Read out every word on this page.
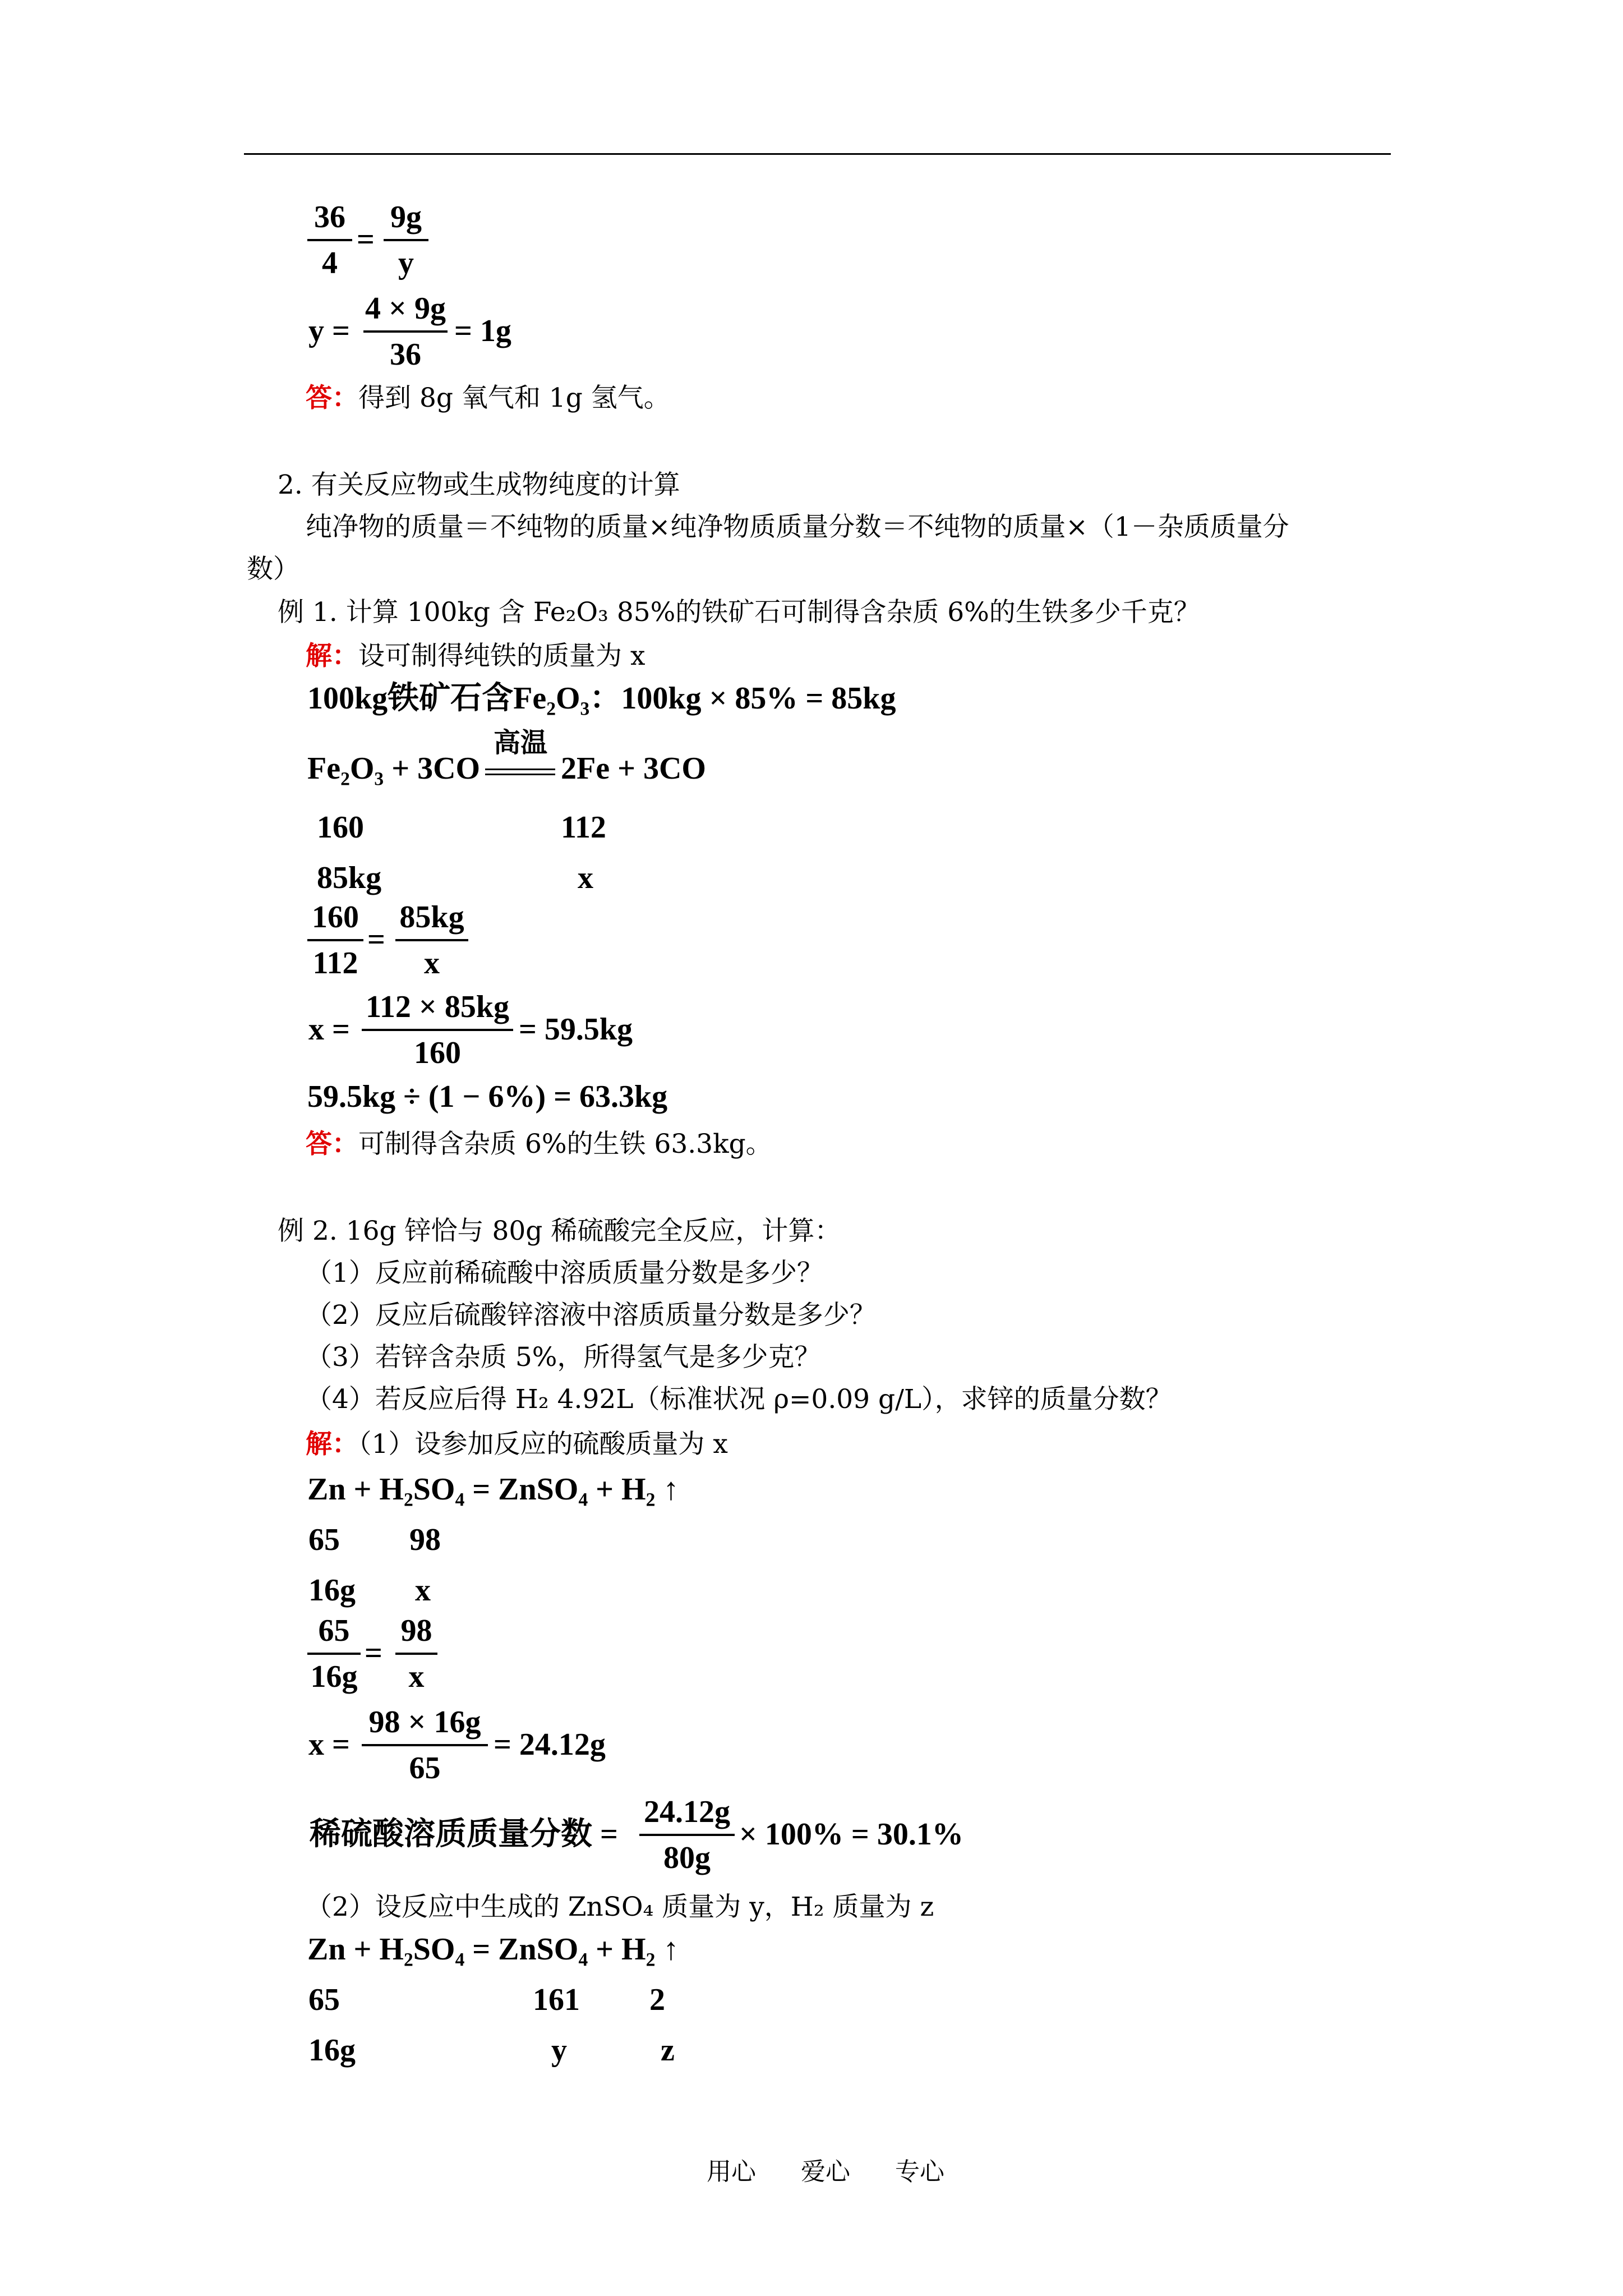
36
4
=
9g
y
y =
4 × 9g
36
= 1g
答：得到 8g 氧气和 1g 氢气。
2. 有关反应物或生成物纯度的计算
纯净物的质量＝不纯物的质量×纯净物质质量分数＝不纯物的质量×（1－杂质质量分
数）
例 1. 计算 100kg 含 Fe₂O₃ 85%的铁矿石可制得含杂质 6%的生铁多少千克？
解：设可制得纯铁的质量为 x
100kg铁矿石含Fe₂O₃：100kg × 85% = 85kg
高温
Fe₂O₃ + 3CO	2Fe + 3CO
160	112
85kg	x
160
112
=
85kg
x
x =
112 × 85kg
160
= 59.5kg
59.5kg ÷ (1 − 6%) = 63.3kg
答：可制得含杂质 6%的生铁 63.3kg。
例 2. 16g 锌恰与 80g 稀硫酸完全反应，计算：
（1）反应前稀硫酸中溶质质量分数是多少？
（2）反应后硫酸锌溶液中溶质质量分数是多少？
（3）若锌含杂质 5%，所得氢气是多少克？
（4）若反应后得 H₂ 4.92L（标准状况 ρ=0.09 g/L），求锌的质量分数？
解：（1）设参加反应的硫酸质量为 x
Zn + H₂SO₄ = ZnSO₄ + H₂ ↑
65 98
16g x
65
16g
=
98
x
x =
98 × 16g
65
= 24.12g
稀硫酸溶质质量分数 =
24.12g
80g
× 100% = 30.1%
（2）设反应中生成的 ZnSO₄ 质量为 y，H₂ 质量为 z
Zn + H₂SO₄ = ZnSO₄ + H₂ ↑
65	161 2
16g	y	z
用心 爱心 专心
